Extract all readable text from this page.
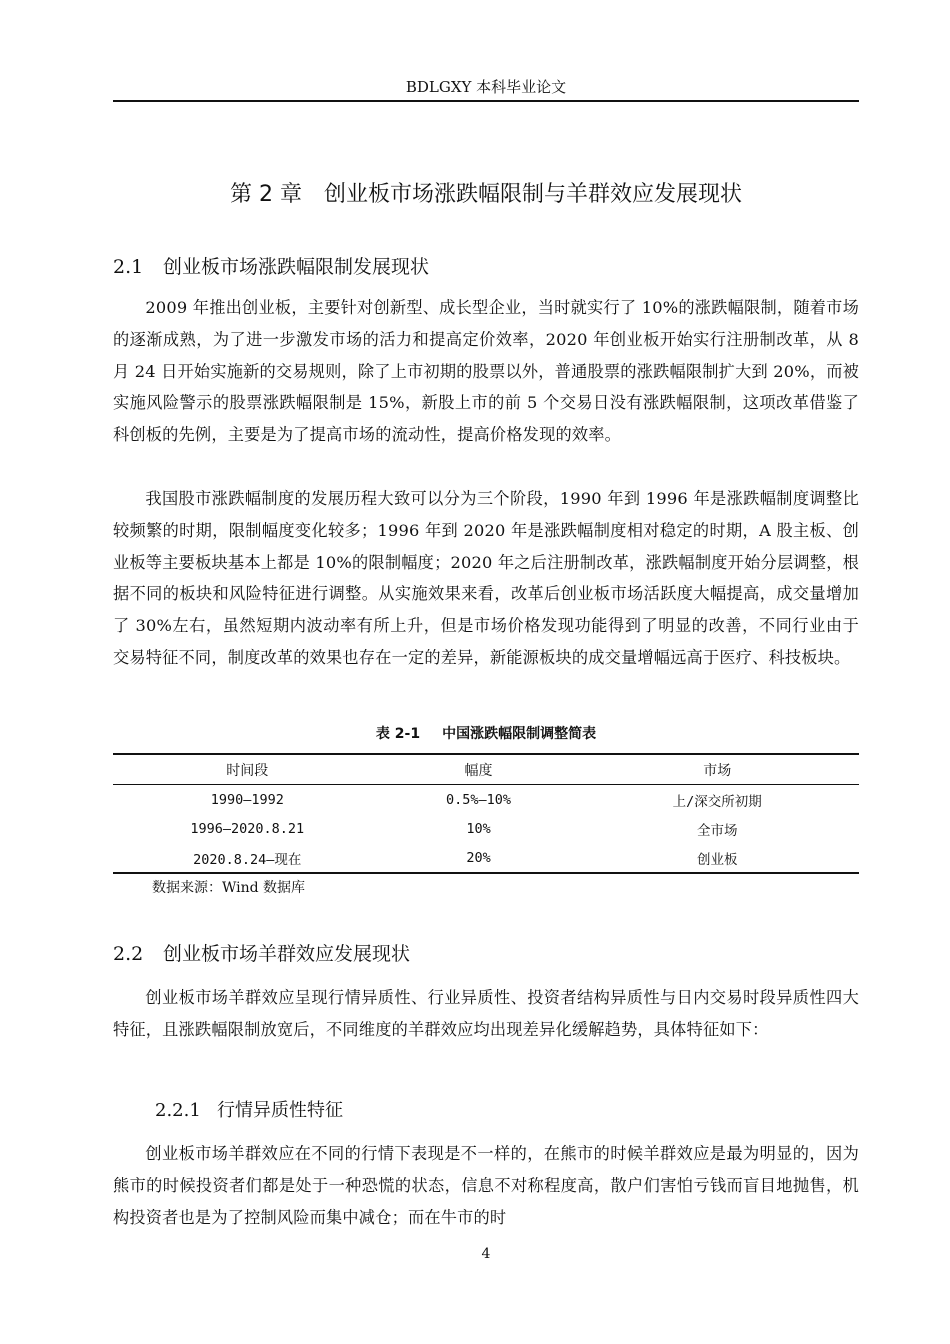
BDLGXY 本科毕业论文
第 2 章 创业板市场涨跌幅限制与羊群效应发展现状
2.1 创业板市场涨跌幅限制发展现状

2009 年推出创业板，主要针对创新型、成长型企业，当时就实行了 10%的涨跌幅限制，随着市场的逐渐成熟，为了进一步激发市场的活力和提高定价效率，2020 年创业板开始实行注册制改革，从 8 月 24 日开始实施新的交易规则，除了上市初期的股票以外，普通股票的涨跌幅限制扩大到 20%，而被实施风险警示的股票涨跌幅限制是 15%，新股上市的前 5 个交易日没有涨跌幅限制，这项改革借鉴了科创板的先例，主要是为了提高市场的流动性，提高价格发现的效率。

我国股市涨跌幅制度的发展历程大致可以分为三个阶段，1990 年到 1996 年是涨跌幅制度调整比较频繁的时期，限制幅度变化较多；1996 年到 2020 年是涨跌幅制度相对稳定的时期，A 股主板、创业板等主要板块基本上都是 10%的限制幅度；2020 年之后注册制改革，涨跌幅制度开始分层调整，根据不同的板块和风险特征进行调整。从实施效果来看，改革后创业板市场活跃度大幅提高，成交量增加了 30%左右，虽然短期内波动率有所上升，但是市场价格发现功能得到了明显的改善，不同行业由于交易特征不同，制度改革的效果也存在一定的差异，新能源板块的成交量增幅远高于医疗、科技板块。

表 2-1 中国涨跌幅限制调整简表
时间段	幅度	市场
1990—1992	0.5%—10%	上/深交所初期
1996—2020.8.21	10%	全市场
2020.8.24—现在	20%	创业板
数据来源：Wind 数据库
2.2 创业板市场羊群效应发展现状

创业板市场羊群效应呈现行情异质性、行业异质性、投资者结构异质性与日内交易时段异质性四大特征，且涨跌幅限制放宽后，不同维度的羊群效应均出现差异化缓解趋势，具体特征如下：

2.2.1 行情异质性特征

创业板市场羊群效应在不同的行情下表现是不一样的，在熊市的时候羊群效应是最为明显的，因为熊市的时候投资者们都是处于一种恐慌的状态，信息不对称程度高，散户们害怕亏钱而盲目地抛售，机构投资者也是为了控制风险而集中减仓；而在牛市的时

4
